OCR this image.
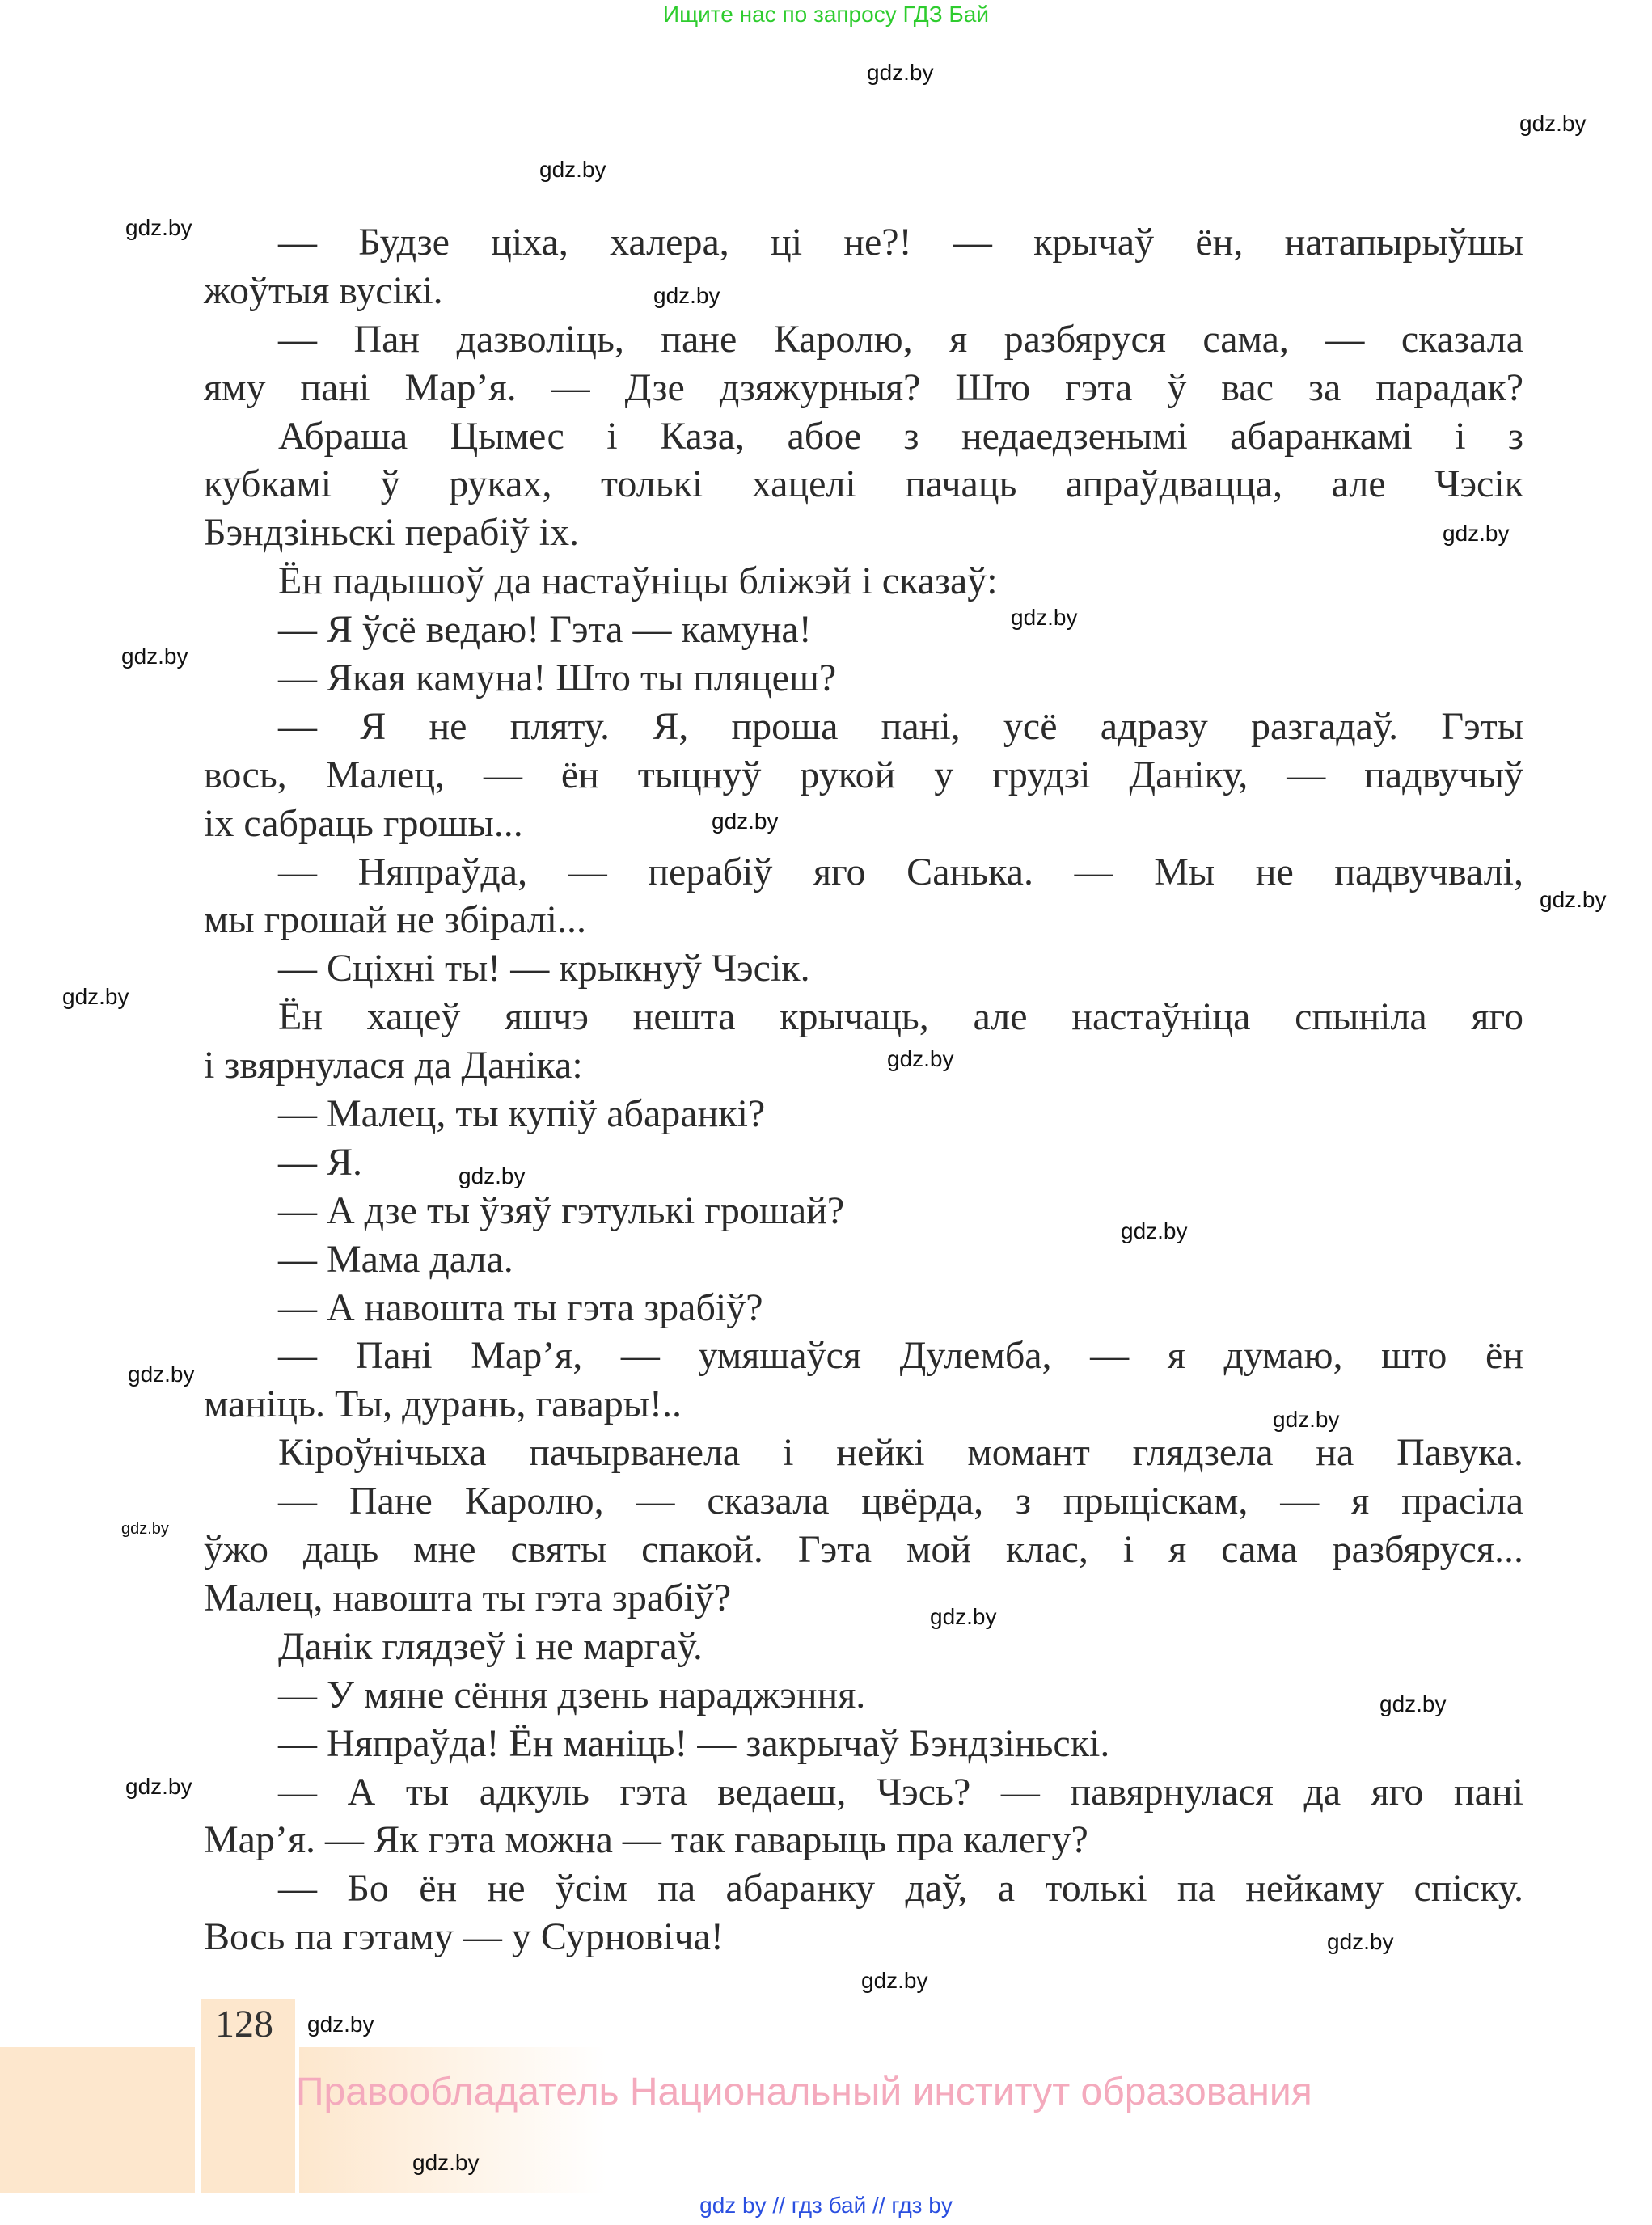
Ищите нас по запросу ГДЗ Бай
— Будзе ціха, халера, ці не?! — крычаў ён, натапырыўшы
жоўтыя вусікі.
— Пан дазволіць, пане Каролю, я разбяруся сама, — сказала
яму пані Мар’я. — Дзе дзяжурныя? Што гэта ў вас за парадак?
Абраша Цымес і Каза, абое з недаедзенымі абаранкамі і з
кубкамі ў руках, толькі хацелі пачаць апраўдвацца, але Чэсік
Бэндзіньскі перабіў іх.
Ён падышоў да настаўніцы бліжэй і сказаў:
— Я ўсё ведаю! Гэта — камуна!
— Якая камуна! Што ты пляцеш?
— Я не пляту. Я, проша пані, усё адразу разгадаў. Гэты
вось, Малец, — ён тыцнуў рукой у грудзі Даніку, — падвучыў
іх сабраць грошы...
— Няпраўда, — перабіў яго Санька. — Мы не падвучвалі,
мы грошай не збіралі...
— Сціхні ты! — крыкнуў Чэсік.
Ён хацеў яшчэ нешта крычаць, але настаўніца спыніла яго
і звярнулася да Даніка:
— Малец, ты купіў абаранкі?
— Я.
— А дзе ты ўзяў гэтулькі грошай?
— Мама дала.
— А навошта ты гэта зрабіў?
— Пані Мар’я, — умяшаўся Дулемба, — я думаю, што ён
маніць. Ты, дурань, гавары!..
Кіроўнічыха пачырванела і нейкі момант глядзела на Павука.
— Пане Каролю, — сказала цвёрда, з прыцiскам, — я прасіла
ўжо даць мне святы спакой. Гэта мой клас, і я сама разбяруся...
Малец, навошта ты гэта зрабіў?
Данік глядзеў і не маргаў.
— У мяне сёння дзень нараджэння.
— Няпраўда! Ён маніць! — закрычаў Бэндзіньскі.
— А ты адкуль гэта ведаеш, Чэсь? — павярнулася да яго пані
Мар’я. — Як гэта можна — так гаварыць пра калегу?
— Бо ён не ўсім па абаранку даў, а толькі па нейкаму спіску.
Вось па гэтаму — у Сурновіча!
128
Правообладатель Национальный институт образования
gdz by // гдз бай // гдз by
gdz.by
gdz.by
gdz.by
gdz.by
gdz.by
gdz.by
gdz.by
gdz.by
gdz.by
gdz.by
gdz.by
gdz.by
gdz.by
gdz.by
gdz.by
gdz.by
gdz.by
gdz.by
gdz.by
gdz.by
gdz.by
gdz.by
gdz.by
gdz.by
